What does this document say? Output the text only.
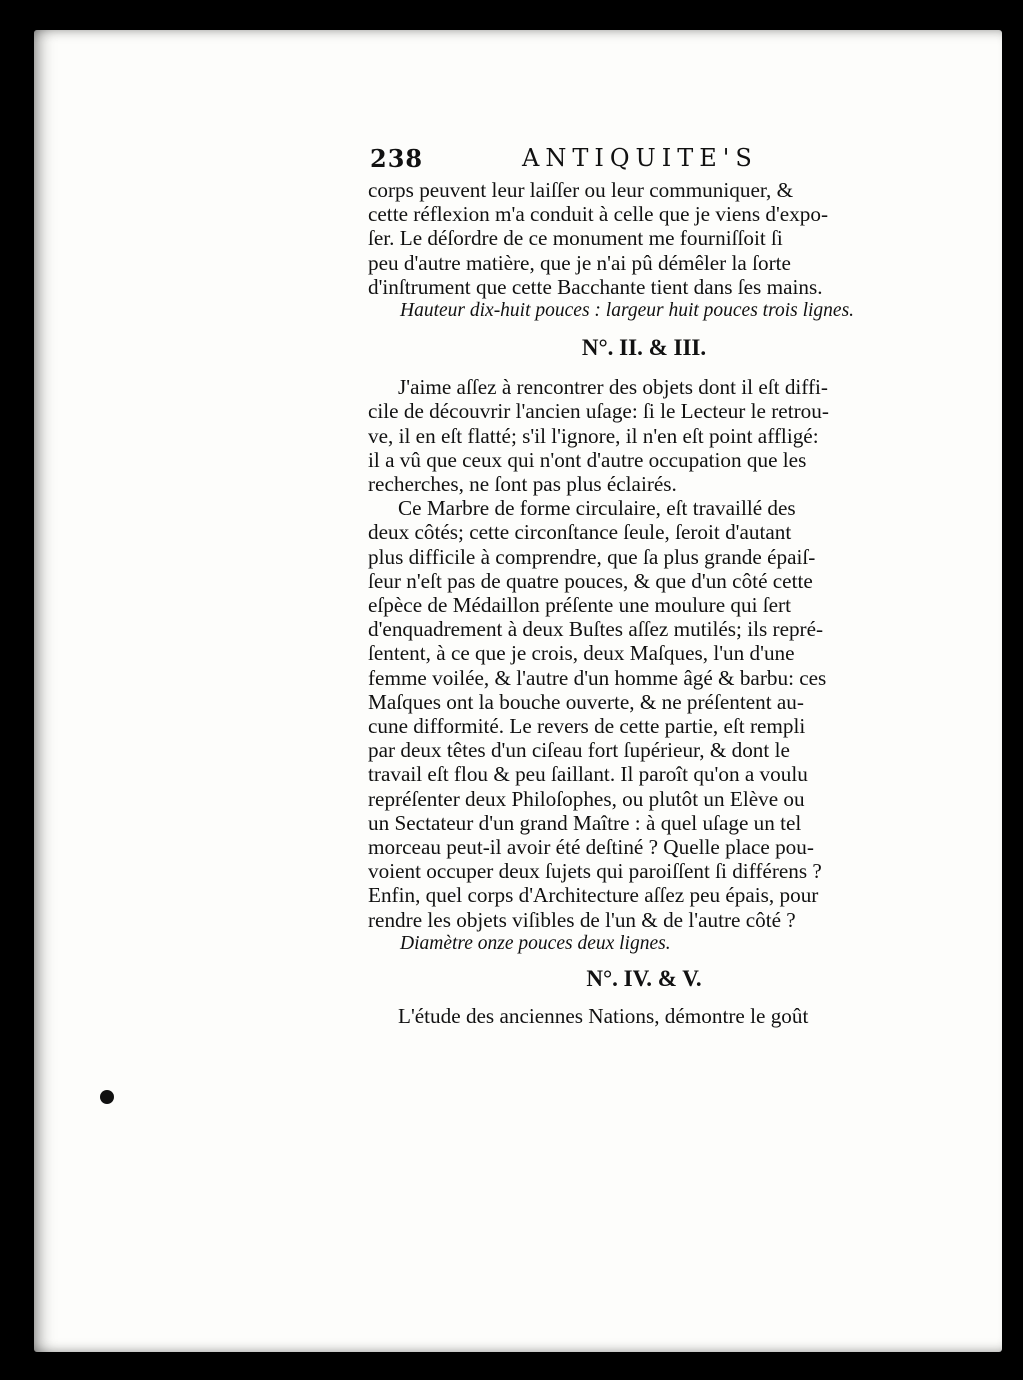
238	ANTIQUITE'S
corps peuvent leur laiſſer ou leur communiquer, &
cette réflexion m'a conduit à celle que je viens d'expo-
ſer. Le déſordre de ce monument me fourniſſoit ſi
peu d'autre matière, que je n'ai pû démêler la ſorte
d'inſtrument que cette Bacchante tient dans ſes mains.
Hauteur dix-huit pouces : largeur huit pouces trois lignes.
N°. II. & III.
J'aime aſſez à rencontrer des objets dont il eſt diffi-
cile de découvrir l'ancien uſage: ſi le Lecteur le retrou-
ve, il en eſt flatté; s'il l'ignore, il n'en eſt point affligé:
il a vû que ceux qui n'ont d'autre occupation que les
recherches, ne ſont pas plus éclairés.
Ce Marbre de forme circulaire, eſt travaillé des
deux côtés; cette circonſtance ſeule, ſeroit d'autant
plus difficile à comprendre, que ſa plus grande épaiſ-
ſeur n'eſt pas de quatre pouces, & que d'un côté cette
eſpèce de Médaillon préſente une moulure qui ſert
d'enquadrement à deux Buſtes aſſez mutilés; ils repré-
ſentent, à ce que je crois, deux Maſques, l'un d'une
femme voilée, & l'autre d'un homme âgé & barbu: ces
Maſques ont la bouche ouverte, & ne préſentent au-
cune difformité. Le revers de cette partie, eſt rempli
par deux têtes d'un ciſeau fort ſupérieur, & dont le
travail eſt flou & peu ſaillant. Il paroît qu'on a voulu
repréſenter deux Philoſophes, ou plutôt un Elève ou
un Sectateur d'un grand Maître : à quel uſage un tel
morceau peut-il avoir été deſtiné ? Quelle place pou-
voient occuper deux ſujets qui paroiſſent ſi différens ?
Enfin, quel corps d'Architecture aſſez peu épais, pour
rendre les objets viſibles de l'un & de l'autre côté ?
Diamètre onze pouces deux lignes.
N°. IV. & V.
L'étude des anciennes Nations, démontre le goût
